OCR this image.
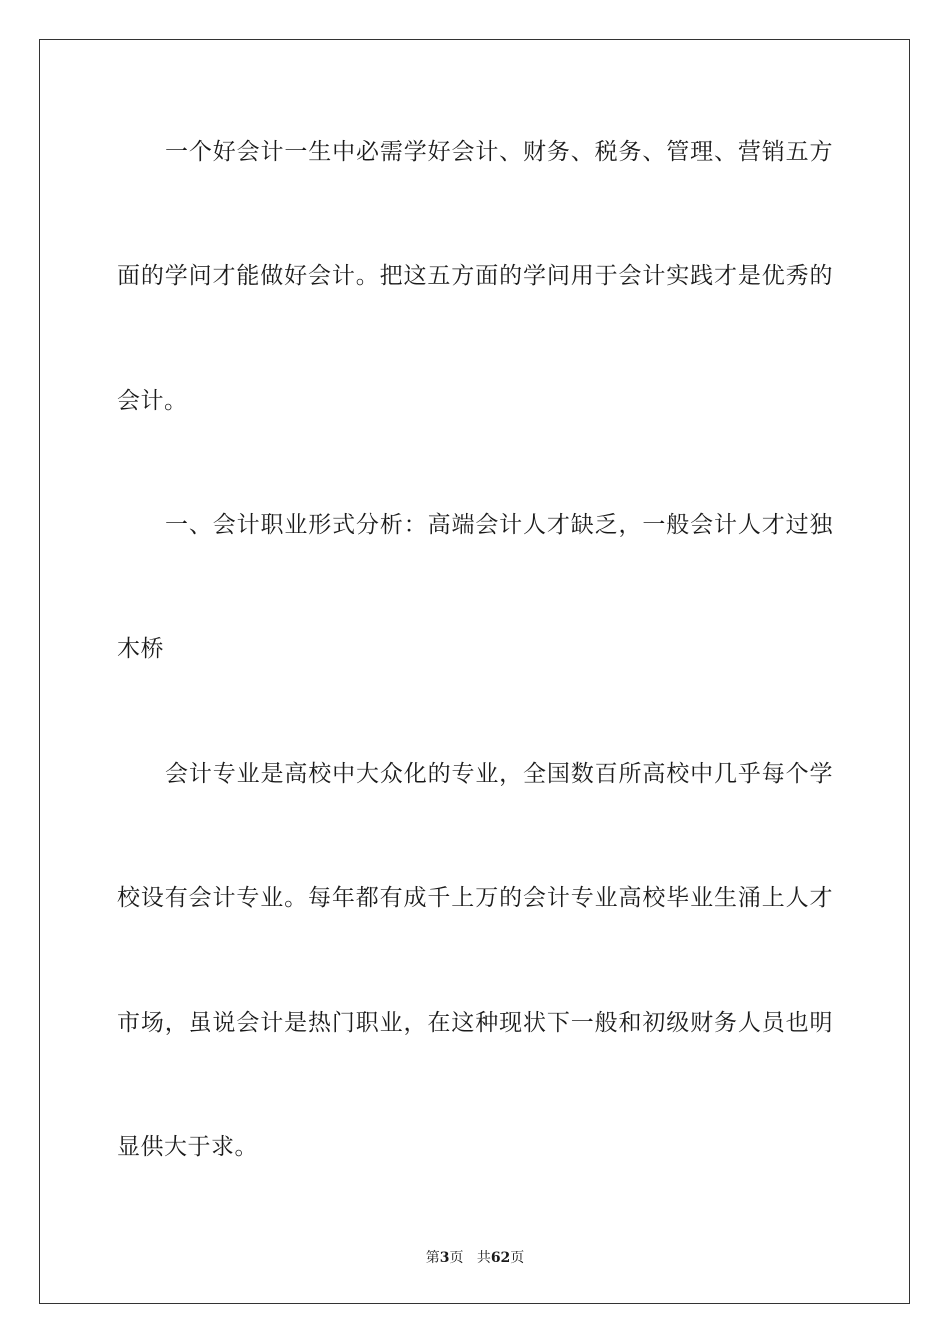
一个好会计一生中必需学好会计、财务、税务、管理、营销五方
面的学问才能做好会计。把这五方面的学问用于会计实践才是优秀的
会计。
一、会计职业形式分析：高端会计人才缺乏，一般会计人才过独
木桥
会计专业是高校中大众化的专业，全国数百所高校中几乎每个学
校设有会计专业。每年都有成千上万的会计专业高校毕业生涌上人才
市场，虽说会计是热门职业，在这种现状下一般和初级财务人员也明
显供大于求。
第3页 共62页
